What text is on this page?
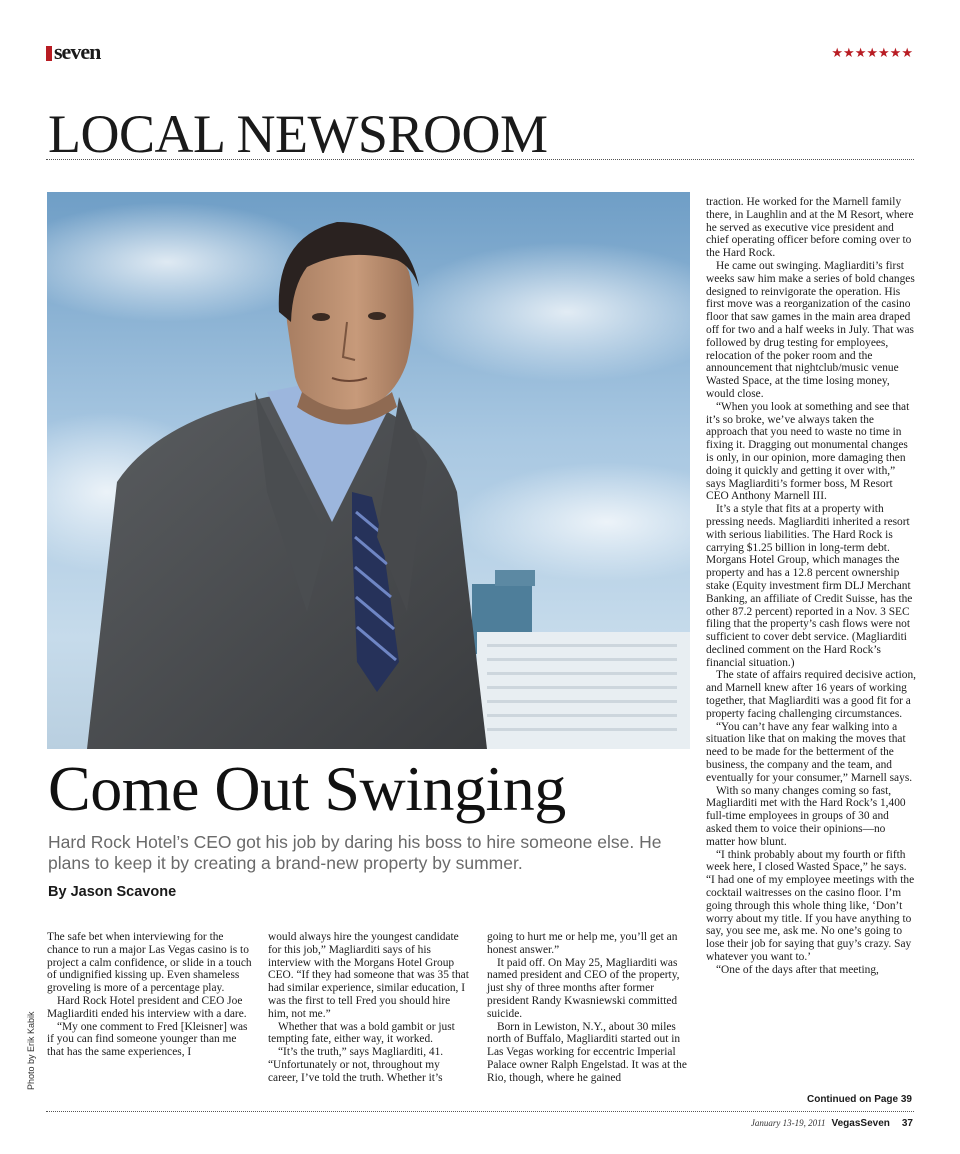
seven	★★★★★★★
LOCAL NEWSROOM
Photo by Erik Kabik
Come Out Swinging
Hard Rock Hotel’s CEO got his job by daring his boss to hire someone else. He plans to keep it by creating a brand-new property by summer.
By Jason Scavone

The safe bet when interviewing for the chance to run a major Las Vegas casino is to project a calm confidence, or slide in a touch of undignified kissing up. Even shameless groveling is more of a percentage play.

Hard Rock Hotel president and CEO Joe Magliarditi ended his interview with a dare.

“My one comment to Fred [Kleisner] was if you can find someone younger than me that has the same experiences, I

would always hire the youngest candidate for this job,” Magliarditi says of his interview with the Morgans Hotel Group CEO. “If they had someone that was 35 that had similar experience, similar education, I was the first to tell Fred you should hire him, not me.”

Whether that was a bold gambit or just tempting fate, either way, it worked.

“It’s the truth,” says Magliarditi, 41. “Unfortunately or not, throughout my career, I’ve told the truth. Whether it’s

going to hurt me or help me, you’ll get an honest answer.”

It paid off. On May 25, Magliarditi was named president and CEO of the property, just shy of three months after former president Randy Kwasniewski committed suicide.

Born in Lewiston, N.Y., about 30 miles north of Buffalo, Magliarditi started out in Las Vegas working for eccentric Imperial Palace owner Ralph Engelstad. It was at the Rio, though, where he gained

traction. He worked for the Marnell family there, in Laughlin and at the M Resort, where he served as executive vice president and chief operating officer before coming over to the Hard Rock.

He came out swinging. Magliarditi’s first weeks saw him make a series of bold changes designed to reinvigorate the operation. His first move was a reorganization of the casino floor that saw games in the main area draped off for two and a half weeks in July. That was followed by drug testing for employees, relocation of the poker room and the announcement that nightclub/music venue Wasted Space, at the time losing money, would close.

“When you look at something and see that it’s so broke, we’ve always taken the approach that you need to waste no time in fixing it. Dragging out monumental changes is only, in our opinion, more damaging then doing it quickly and getting it over with,” says Magliarditi’s former boss, M Resort CEO Anthony Marnell III.

It’s a style that fits at a property with pressing needs. Magliarditi inherited a resort with serious liabilities. The Hard Rock is carrying $1.25 billion in long-term debt. Morgans Hotel Group, which manages the property and has a 12.8 percent ownership stake (Equity investment firm DLJ Merchant Banking, an affiliate of Credit Suisse, has the other 87.2 percent) reported in a Nov. 3 SEC filing that the property’s cash flows were not sufficient to cover debt service. (Magliarditi declined comment on the Hard Rock’s financial situation.)

The state of affairs required decisive action, and Marnell knew after 16 years of working together, that Magliarditi was a good fit for a property facing challenging circumstances.

“You can’t have any fear walking into a situation like that on making the moves that need to be made for the betterment of the business, the company and the team, and eventually for your consumer,” Marnell says.

With so many changes coming so fast, Magliarditi met with the Hard Rock’s 1,400 full-time employees in groups of 30 and asked them to voice their opinions—no matter how blunt.

“I think probably about my fourth or fifth week here, I closed Wasted Space,” he says. “I had one of my employee meetings with the cocktail waitresses on the casino floor. I’m going through this whole thing like, ‘Don’t worry about my title. If you have anything to say, you see me, ask me. No one’s going to lose their job for saying that guy’s crazy. Say whatever you want to.’

“One of the days after that meeting,

Continued on Page 39
January 13-19, 2011 VegasSeven 37
